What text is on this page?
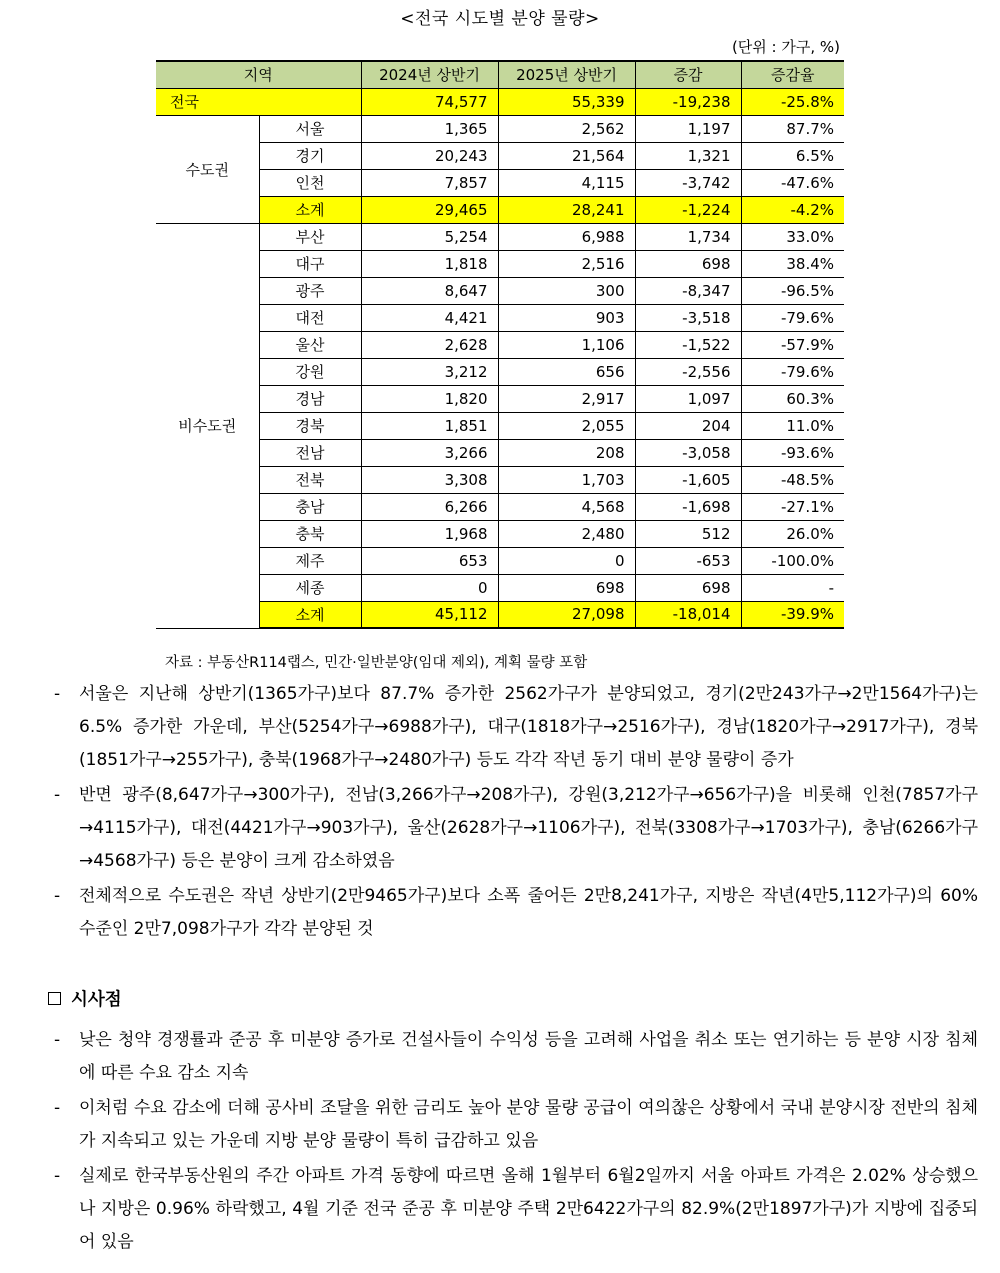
<전국 시도별 분양 물량>
(단위 : 가구, %)
지역		2024년 상반기	2025년 상반기	증감	증감율
전국		74,577	55,339	-19,238	-25.8%
수도권	서울	1,365	2,562	1,197	87.7%
	경기	20,243	21,564	1,321	6.5%
	인천	7,857	4,115	-3,742	-47.6%
	소계	29,465	28,241	-1,224	-4.2%
비수도권	부산	5,254	6,988	1,734	33.0%
	대구	1,818	2,516	698	38.4%
	광주	8,647	300	-8,347	-96.5%
	대전	4,421	903	-3,518	-79.6%
	울산	2,628	1,106	-1,522	-57.9%
	강원	3,212	656	-2,556	-79.6%
	경남	1,820	2,917	1,097	60.3%
	경북	1,851	2,055	204	11.0%
	전남	3,266	208	-3,058	-93.6%
	전북	3,308	1,703	-1,605	-48.5%
	충남	6,266	4,568	-1,698	-27.1%
	충북	1,968	2,480	512	26.0%
	제주	653	0	-653	-100.0%
	세종	0	698	698	-
	소계	45,112	27,098	-18,014	-39.9%
자료 : 부동산R114랩스, 민간·일반분양(임대 제외), 계획 물량 포함
- 서울은 지난해 상반기(1365가구)보다 87.7% 증가한 2562가구가 분양되었고, 경기(2만243가구→2만1564가구)는 6.5% 증가한 가운데, 부산(5254가구→6988가구), 대구(1818가구→2516가구), 경남(1820가구→2917가구), 경북(1851가구→255가구), 충북(1968가구→2480가구) 등도 각각 작년 동기 대비 분양 물량이 증가
- 반면 광주(8,647가구→300가구), 전남(3,266가구→208가구), 강원(3,212가구→656가구)을 비롯해 인천(7857가구→4115가구), 대전(4421가구→903가구), 울산(2628가구→1106가구), 전북(3308가구→1703가구), 충남(6266가구→4568가구) 등은 분양이 크게 감소하였음
- 전체적으로 수도권은 작년 상반기(2만9465가구)보다 소폭 줄어든 2만8,241가구, 지방은 작년(4만5,112가구)의 60% 수준인 2만7,098가구가 각각 분양된 것
시사점
- 낮은 청약 경쟁률과 준공 후 미분양 증가로 건설사들이 수익성 등을 고려해 사업을 취소 또는 연기하는 등 분양 시장 침체에 따른 수요 감소 지속
- 이처럼 수요 감소에 더해 공사비 조달을 위한 금리도 높아 분양 물량 공급이 여의찮은 상황에서 국내 분양시장 전반의 침체가 지속되고 있는 가운데 지방 분양 물량이 특히 급감하고 있음
- 실제로 한국부동산원의 주간 아파트 가격 동향에 따르면 올해 1월부터 6월2일까지 서울 아파트 가격은 2.02% 상승했으나 지방은 0.96% 하락했고, 4월 기준 전국 준공 후 미분양 주택 2만6422가구의 82.9%(2만1897가구)가 지방에 집중되어 있음
